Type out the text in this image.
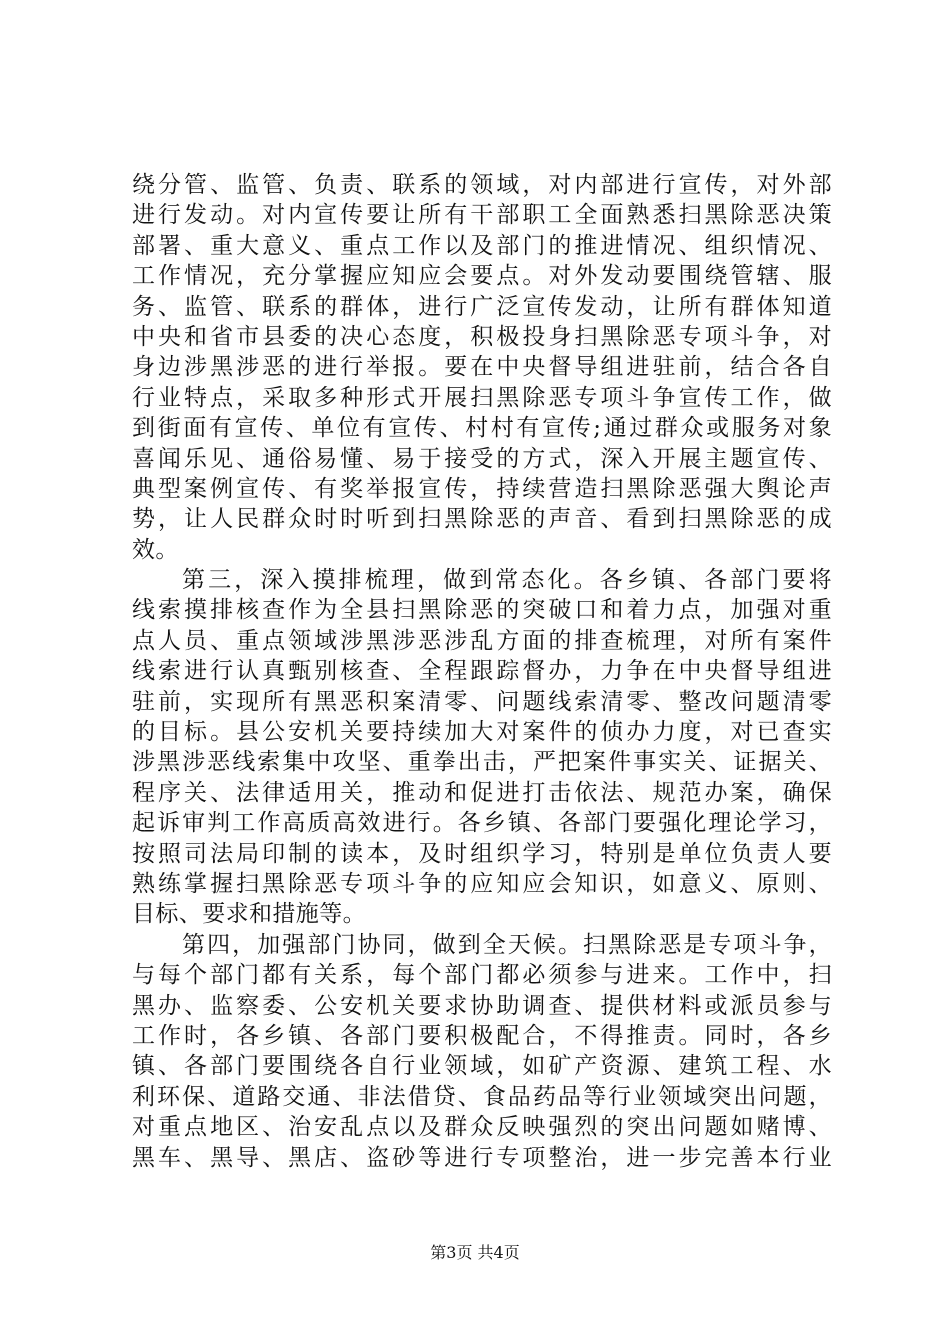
绕分管、监管、负责、联系的领域，对内部进行宣传，对外部
进行发动。对内宣传要让所有干部职工全面熟悉扫黑除恶决策
部署、重大意义、重点工作以及部门的推进情况、组织情况、
工作情况，充分掌握应知应会要点。对外发动要围绕管辖、服
务、监管、联系的群体，进行广泛宣传发动，让所有群体知道
中央和省市县委的决心态度，积极投身扫黑除恶专项斗争，对
身边涉黑涉恶的进行举报。要在中央督导组进驻前，结合各自
行业特点，采取多种形式开展扫黑除恶专项斗争宣传工作，做
到街面有宣传、单位有宣传、村村有宣传;通过群众或服务对象
喜闻乐见、通俗易懂、易于接受的方式，深入开展主题宣传、
典型案例宣传、有奖举报宣传，持续营造扫黑除恶强大舆论声
势，让人民群众时时听到扫黑除恶的声音、看到扫黑除恶的成
效。
第三，深入摸排梳理，做到常态化。各乡镇、各部门要将
线索摸排核查作为全县扫黑除恶的突破口和着力点，加强对重
点人员、重点领域涉黑涉恶涉乱方面的排查梳理，对所有案件
线索进行认真甄别核查、全程跟踪督办，力争在中央督导组进
驻前，实现所有黑恶积案清零、问题线索清零、整改问题清零
的目标。县公安机关要持续加大对案件的侦办力度，对已查实
涉黑涉恶线索集中攻坚、重拳出击，严把案件事实关、证据关、
程序关、法律适用关，推动和促进打击依法、规范办案，确保
起诉审判工作高质高效进行。各乡镇、各部门要强化理论学习，
按照司法局印制的读本，及时组织学习，特别是单位负责人要
熟练掌握扫黑除恶专项斗争的应知应会知识，如意义、原则、
目标、要求和措施等。
第四，加强部门协同，做到全天候。扫黑除恶是专项斗争，
与每个部门都有关系，每个部门都必须参与进来。工作中，扫
黑办、监察委、公安机关要求协助调查、提供材料或派员参与
工作时，各乡镇、各部门要积极配合，不得推责。同时，各乡
镇、各部门要围绕各自行业领域，如矿产资源、建筑工程、水
利环保、道路交通、非法借贷、食品药品等行业领域突出问题，
对重点地区、治安乱点以及群众反映强烈的突出问题如赌博、
黑车、黑导、黑店、盗砂等进行专项整治，进一步完善本行业
第3页 共4页
